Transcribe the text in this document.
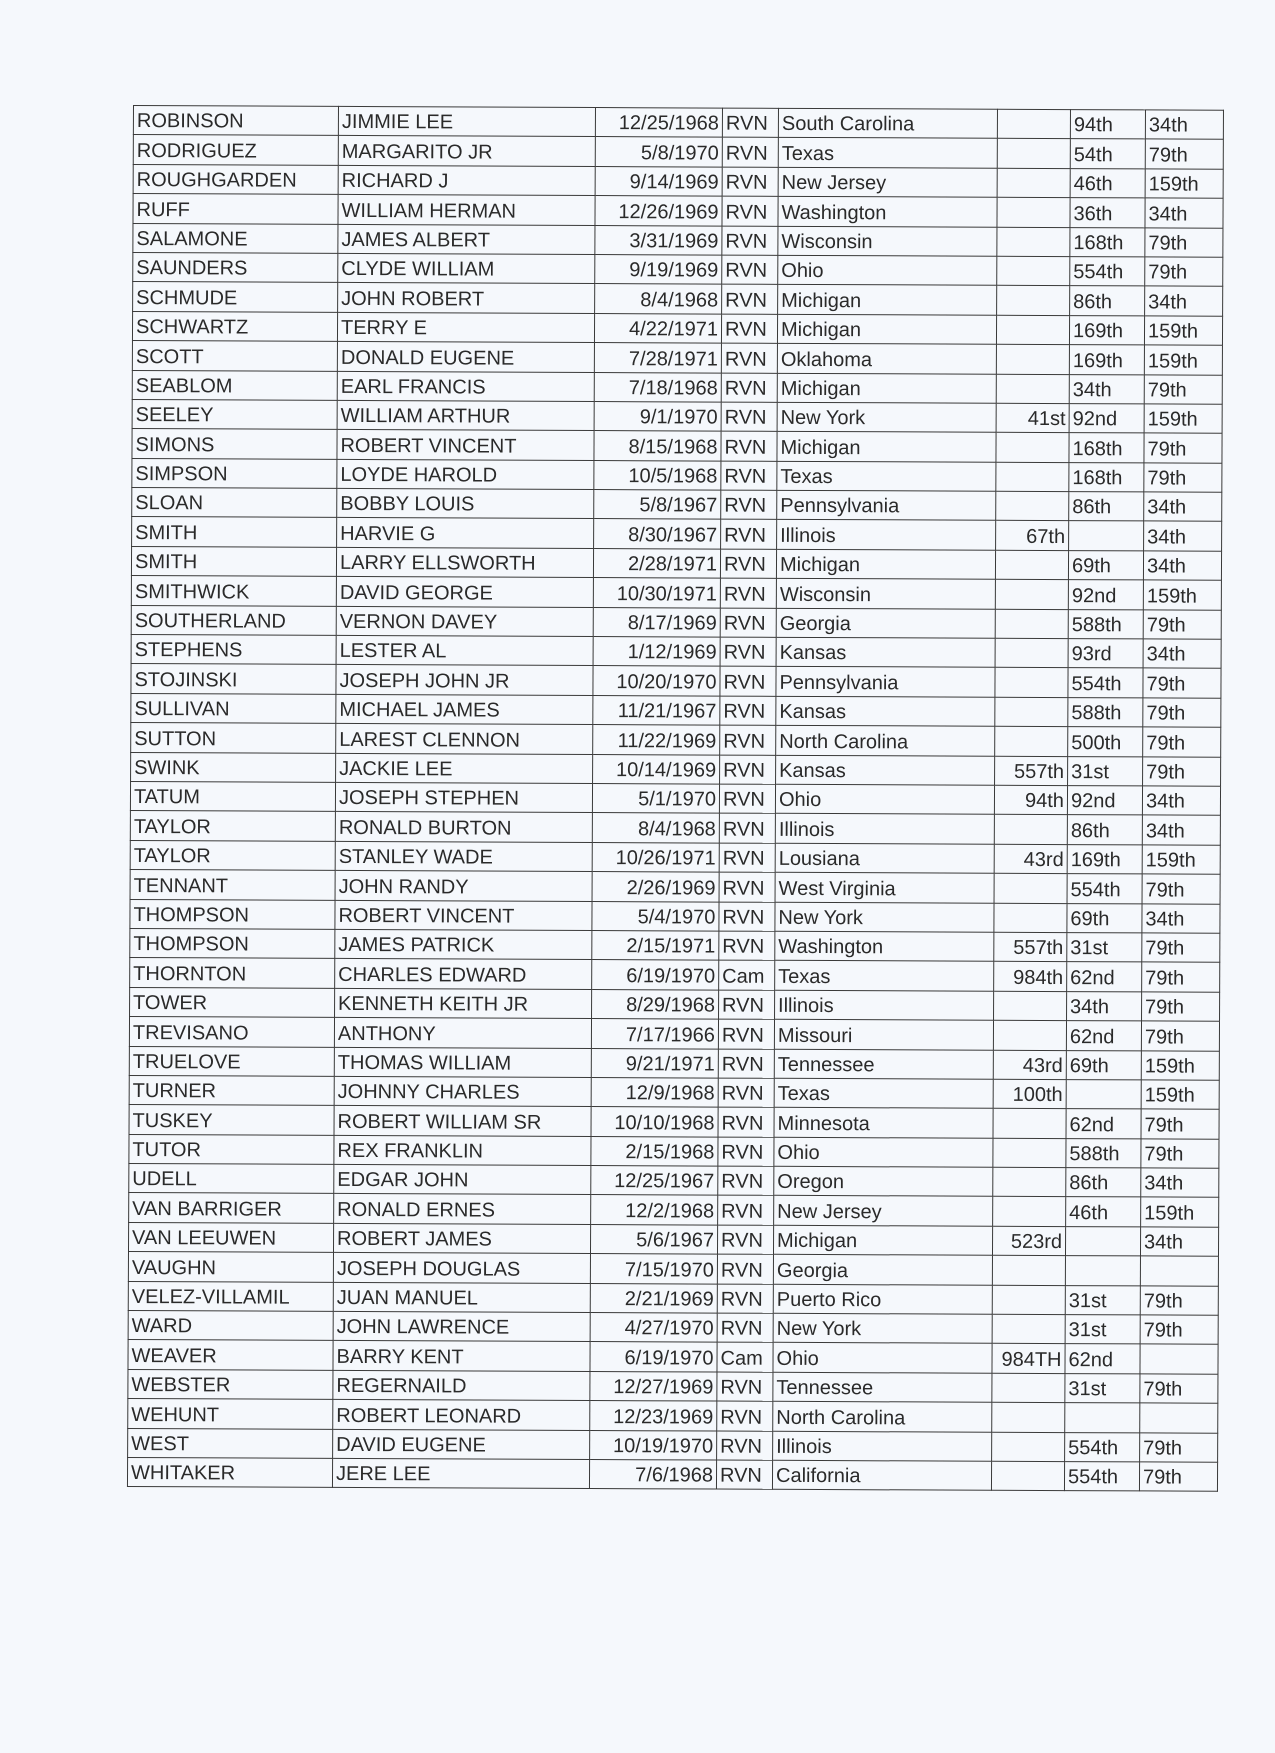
ROBINSON	JIMMIE LEE	12/25/1968	RVN	South Carolina		94th	34th
RODRIGUEZ	MARGARITO JR	5/8/1970	RVN	Texas		54th	79th
ROUGHGARDEN	RICHARD J	9/14/1969	RVN	New Jersey		46th	159th
RUFF	WILLIAM HERMAN	12/26/1969	RVN	Washington		36th	34th
SALAMONE	JAMES ALBERT	3/31/1969	RVN	Wisconsin		168th	79th
SAUNDERS	CLYDE WILLIAM	9/19/1969	RVN	Ohio		554th	79th
SCHMUDE	JOHN ROBERT	8/4/1968	RVN	Michigan		86th	34th
SCHWARTZ	TERRY E	4/22/1971	RVN	Michigan		169th	159th
SCOTT	DONALD EUGENE	7/28/1971	RVN	Oklahoma		169th	159th
SEABLOM	EARL FRANCIS	7/18/1968	RVN	Michigan		34th	79th
SEELEY	WILLIAM ARTHUR	9/1/1970	RVN	New York	41st	92nd	159th
SIMONS	ROBERT VINCENT	8/15/1968	RVN	Michigan		168th	79th
SIMPSON	LOYDE HAROLD	10/5/1968	RVN	Texas		168th	79th
SLOAN	BOBBY LOUIS	5/8/1967	RVN	Pennsylvania		86th	34th
SMITH	HARVIE G	8/30/1967	RVN	Illinois	67th		34th
SMITH	LARRY ELLSWORTH	2/28/1971	RVN	Michigan		69th	34th
SMITHWICK	DAVID GEORGE	10/30/1971	RVN	Wisconsin		92nd	159th
SOUTHERLAND	VERNON DAVEY	8/17/1969	RVN	Georgia		588th	79th
STEPHENS	LESTER AL	1/12/1969	RVN	Kansas		93rd	34th
STOJINSKI	JOSEPH JOHN JR	10/20/1970	RVN	Pennsylvania		554th	79th
SULLIVAN	MICHAEL JAMES	11/21/1967	RVN	Kansas		588th	79th
SUTTON	LAREST CLENNON	11/22/1969	RVN	North Carolina		500th	79th
SWINK	JACKIE LEE	10/14/1969	RVN	Kansas	557th	31st	79th
TATUM	JOSEPH STEPHEN	5/1/1970	RVN	Ohio	94th	92nd	34th
TAYLOR	RONALD BURTON	8/4/1968	RVN	Illinois		86th	34th
TAYLOR	STANLEY WADE	10/26/1971	RVN	Lousiana	43rd	169th	159th
TENNANT	JOHN RANDY	2/26/1969	RVN	West Virginia		554th	79th
THOMPSON	ROBERT VINCENT	5/4/1970	RVN	New York		69th	34th
THOMPSON	JAMES PATRICK	2/15/1971	RVN	Washington	557th	31st	79th
THORNTON	CHARLES EDWARD	6/19/1970	Cam	Texas	984th	62nd	79th
TOWER	KENNETH KEITH JR	8/29/1968	RVN	Illinois		34th	79th
TREVISANO	ANTHONY	7/17/1966	RVN	Missouri		62nd	79th
TRUELOVE	THOMAS WILLIAM	9/21/1971	RVN	Tennessee	43rd	69th	159th
TURNER	JOHNNY CHARLES	12/9/1968	RVN	Texas	100th		159th
TUSKEY	ROBERT WILLIAM SR	10/10/1968	RVN	Minnesota		62nd	79th
TUTOR	REX FRANKLIN	2/15/1968	RVN	Ohio		588th	79th
UDELL	EDGAR JOHN	12/25/1967	RVN	Oregon		86th	34th
VAN BARRIGER	RONALD ERNES	12/2/1968	RVN	New Jersey		46th	159th
VAN LEEUWEN	ROBERT JAMES	5/6/1967	RVN	Michigan	523rd		34th
VAUGHN	JOSEPH DOUGLAS	7/15/1970	RVN	Georgia			
VELEZ-VILLAMIL	JUAN MANUEL	2/21/1969	RVN	Puerto Rico		31st	79th
WARD	JOHN LAWRENCE	4/27/1970	RVN	New York		31st	79th
WEAVER	BARRY KENT	6/19/1970	Cam	Ohio	984TH	62nd	
WEBSTER	REGERNAILD	12/27/1969	RVN	Tennessee		31st	79th
WEHUNT	ROBERT LEONARD	12/23/1969	RVN	North Carolina			
WEST	DAVID EUGENE	10/19/1970	RVN	Illinois		554th	79th
WHITAKER	JERE LEE	7/6/1968	RVN	California		554th	79th
